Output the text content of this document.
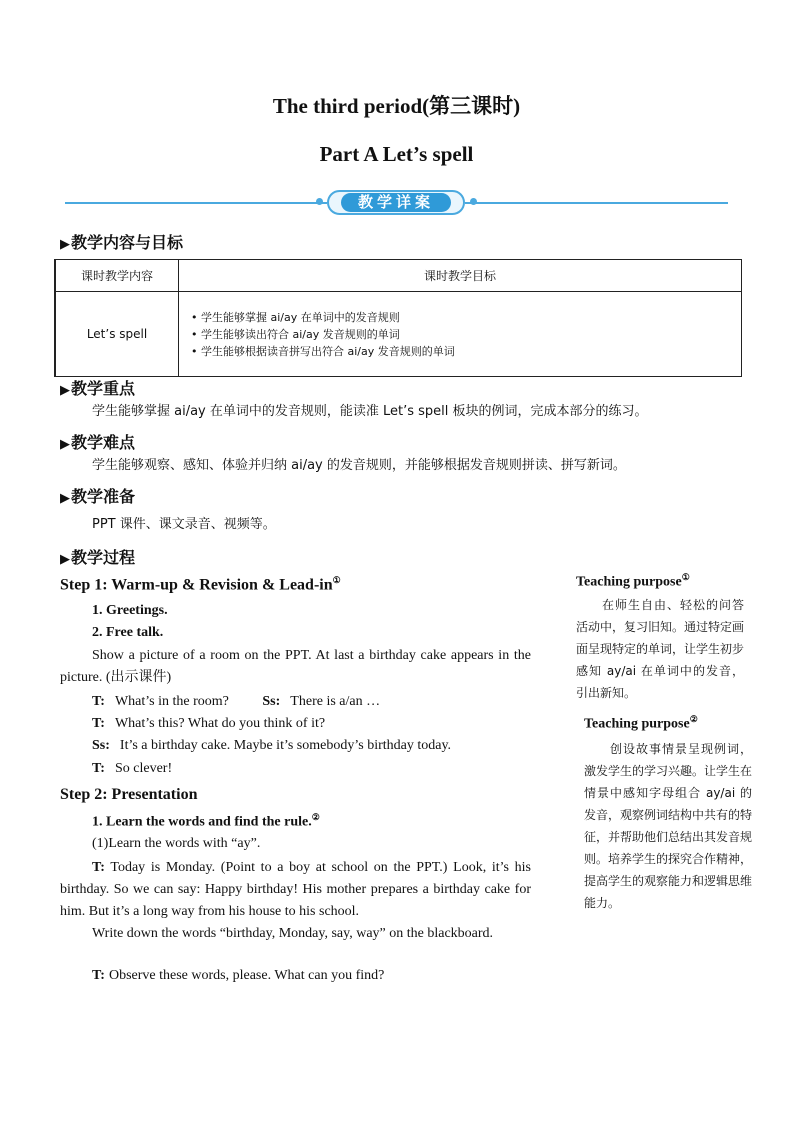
The third period(第三课时)
Part A Let’s spell
教学详案
▶教学内容与目标
课时教学内容	课时教学目标
Let’s spell	• 学生能够掌握 ai/ay 在单词中的发音规则
• 学生能够读出符合 ai/ay 发音规则的单词
• 学生能够根据读音拼写出符合 ai/ay 发音规则的单词
▶教学重点
学生能够掌握 ai/ay 在单词中的发音规则，能读准 Let’s spell 板块的例词，完成本部分的练习。
▶教学难点
学生能够观察、感知、体验并归纳 ai/ay 的发音规则，并能够根据发音规则拼读、拼写新词。
▶教学准备
PPT 课件、课文录音、视频等。
▶教学过程
Step 1: Warm-up & Revision & Lead-in①
1. Greetings.
2. Free talk.
Show a picture of a room on the PPT. At last a birthday cake appears in the picture. (出示课件)
T: What’s in the room? Ss: There is a/an …
T: What’s this? What do you think of it?
Ss: It’s a birthday cake. Maybe it’s somebody’s birthday today.
T: So clever!
Step 2: Presentation
1. Learn the words and find the rule.②
(1)Learn the words with “ay”.
T: Today is Monday. (Point to a boy at school on the PPT.) Look, it’s his birthday. So we can say: Happy birthday! His mother prepares a birthday cake for him. But it’s a long way from his house to his school.
Write down the words “birthday, Monday, say, way” on the blackboard.
T: Observe these words, please. What can you find?
Teaching purpose①
在师生自由、轻松的问答活动中，复习旧知。通过特定画面呈现特定的单词，让学生初步感知 ay/ai 在单词中的发音，引出新知。
Teaching purpose②
创设故事情景呈现例词，激发学生的学习兴趣。让学生在情景中感知字母组合 ay/ai 的发音，观察例词结构中共有的特征，并帮助他们总结出其发音规则。培养学生的探究合作精神，提高学生的观察能力和逻辑思维能力。
